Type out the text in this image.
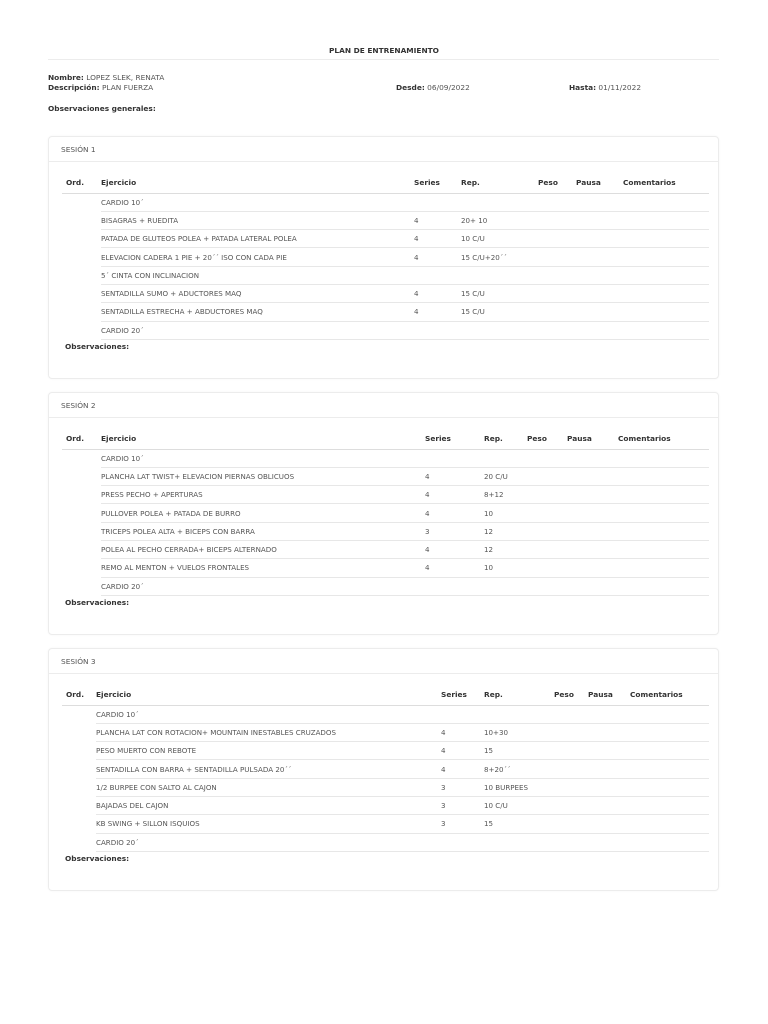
PLAN DE ENTRENAMIENTO
Nombre: LOPEZ SLEK, RENATA
Descripción: PLAN FUERZA	Desde: 06/09/2022	Hasta: 01/11/2022
Observaciones generales:
SESIÓN 1
Ord.	Ejercicio	Series	Rep.	Peso	Pausa	Comentarios
	CARDIO 10´					
	BISAGRAS + RUEDITA	4	20+ 10			
	PATADA DE GLUTEOS POLEA + PATADA LATERAL POLEA	4	10 C/U			
	ELEVACION CADERA 1 PIE + 20´´ ISO CON CADA PIE	4	15 C/U+20´´			
	5´ CINTA CON INCLINACION					
	SENTADILLA SUMO + ADUCTORES MAQ	4	15 C/U			
	SENTADILLA ESTRECHA + ABDUCTORES MAQ	4	15 C/U			
	CARDIO 20´					
Observaciones:
SESIÓN 2
Ord.	Ejercicio	Series	Rep.	Peso	Pausa	Comentarios
	CARDIO 10´					
	PLANCHA LAT TWIST+ ELEVACION PIERNAS OBLICUOS	4	20 C/U			
	PRESS PECHO + APERTURAS	4	8+12			
	PULLOVER POLEA + PATADA DE BURRO	4	10			
	TRICEPS POLEA ALTA + BICEPS CON BARRA	3	12			
	POLEA AL PECHO CERRADA+ BICEPS ALTERNADO	4	12			
	REMO AL MENTON + VUELOS FRONTALES	4	10			
	CARDIO 20´					
Observaciones:
SESIÓN 3
Ord.	Ejercicio	Series	Rep.	Peso	Pausa	Comentarios
	CARDIO 10´					
	PLANCHA LAT CON ROTACION+ MOUNTAIN INESTABLES CRUZADOS	4	10+30			
	PESO MUERTO CON REBOTE	4	15			
	SENTADILLA CON BARRA + SENTADILLA PULSADA 20´´	4	8+20´´			
	1/2 BURPEE CON SALTO AL CAJON	3	10 BURPEES			
	BAJADAS DEL CAJON	3	10 C/U			
	KB SWING + SILLON ISQUIOS	3	15			
	CARDIO 20´					
Observaciones:
